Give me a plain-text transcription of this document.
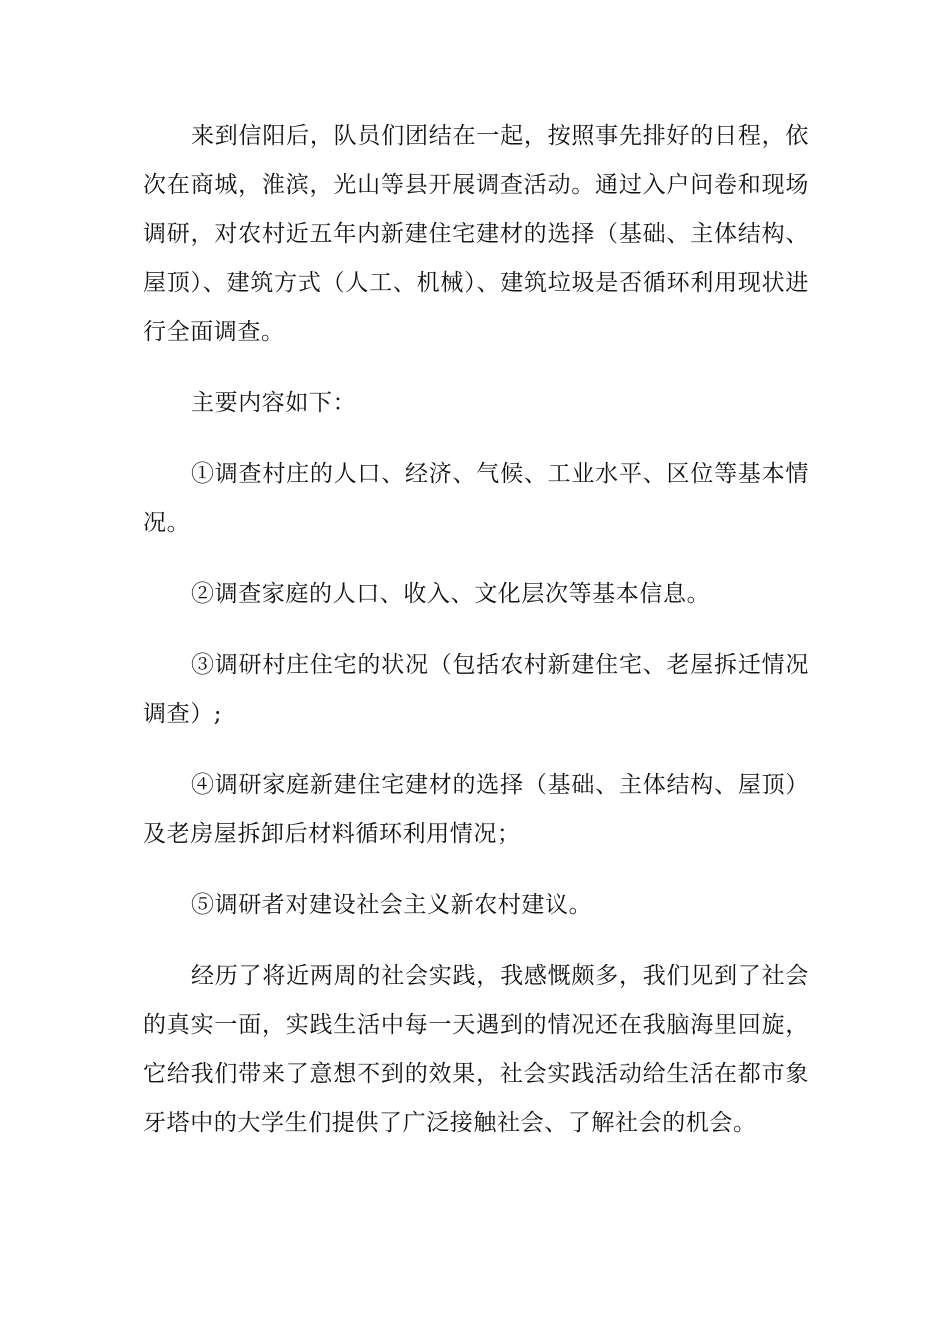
来到信阳后，队员们团结在一起，按照事先排好的日程，依次在商城，淮滨，光山等县开展调查活动。通过入户问卷和现场调研，对农村近五年内新建住宅建材的选择（基础、主体结构、屋顶）、建筑方式（人工、机械）、建筑垃圾是否循环利用现状进行全面调查。

主要内容如下：

①调查村庄的人口、经济、气候、工业水平、区位等基本情况。

②调查家庭的人口、收入、文化层次等基本信息。

③调研村庄住宅的状况（包括农村新建住宅、老屋拆迁情况调查）;

④调研家庭新建住宅建材的选择（基础、主体结构、屋顶）及老房屋拆卸后材料循环利用情况；

⑤调研者对建设社会主义新农村建议。

经历了将近两周的社会实践，我感慨颇多，我们见到了社会的真实一面，实践生活中每一天遇到的情况还在我脑海里回旋，它给我们带来了意想不到的效果，社会实践活动给生活在都市象牙塔中的大学生们提供了广泛接触社会、了解社会的机会。
